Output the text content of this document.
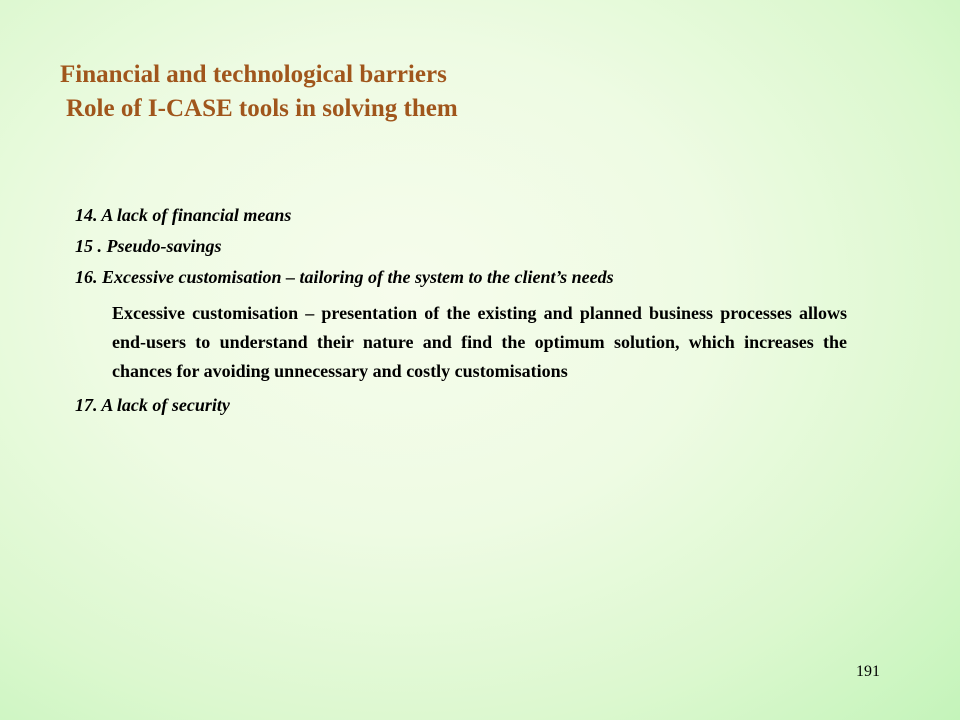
Financial and technological barriers
Role of I-CASE tools in solving them

14. A lack of financial means

15 . Pseudo-savings

16. Excessive customisation – tailoring of the system to the client’s needs

Excessive customisation – presentation of the existing and planned business processes allows end-users to understand their nature and find the optimum solution, which increases the chances for avoiding unnecessary and costly customisations

17. A lack of security

191
